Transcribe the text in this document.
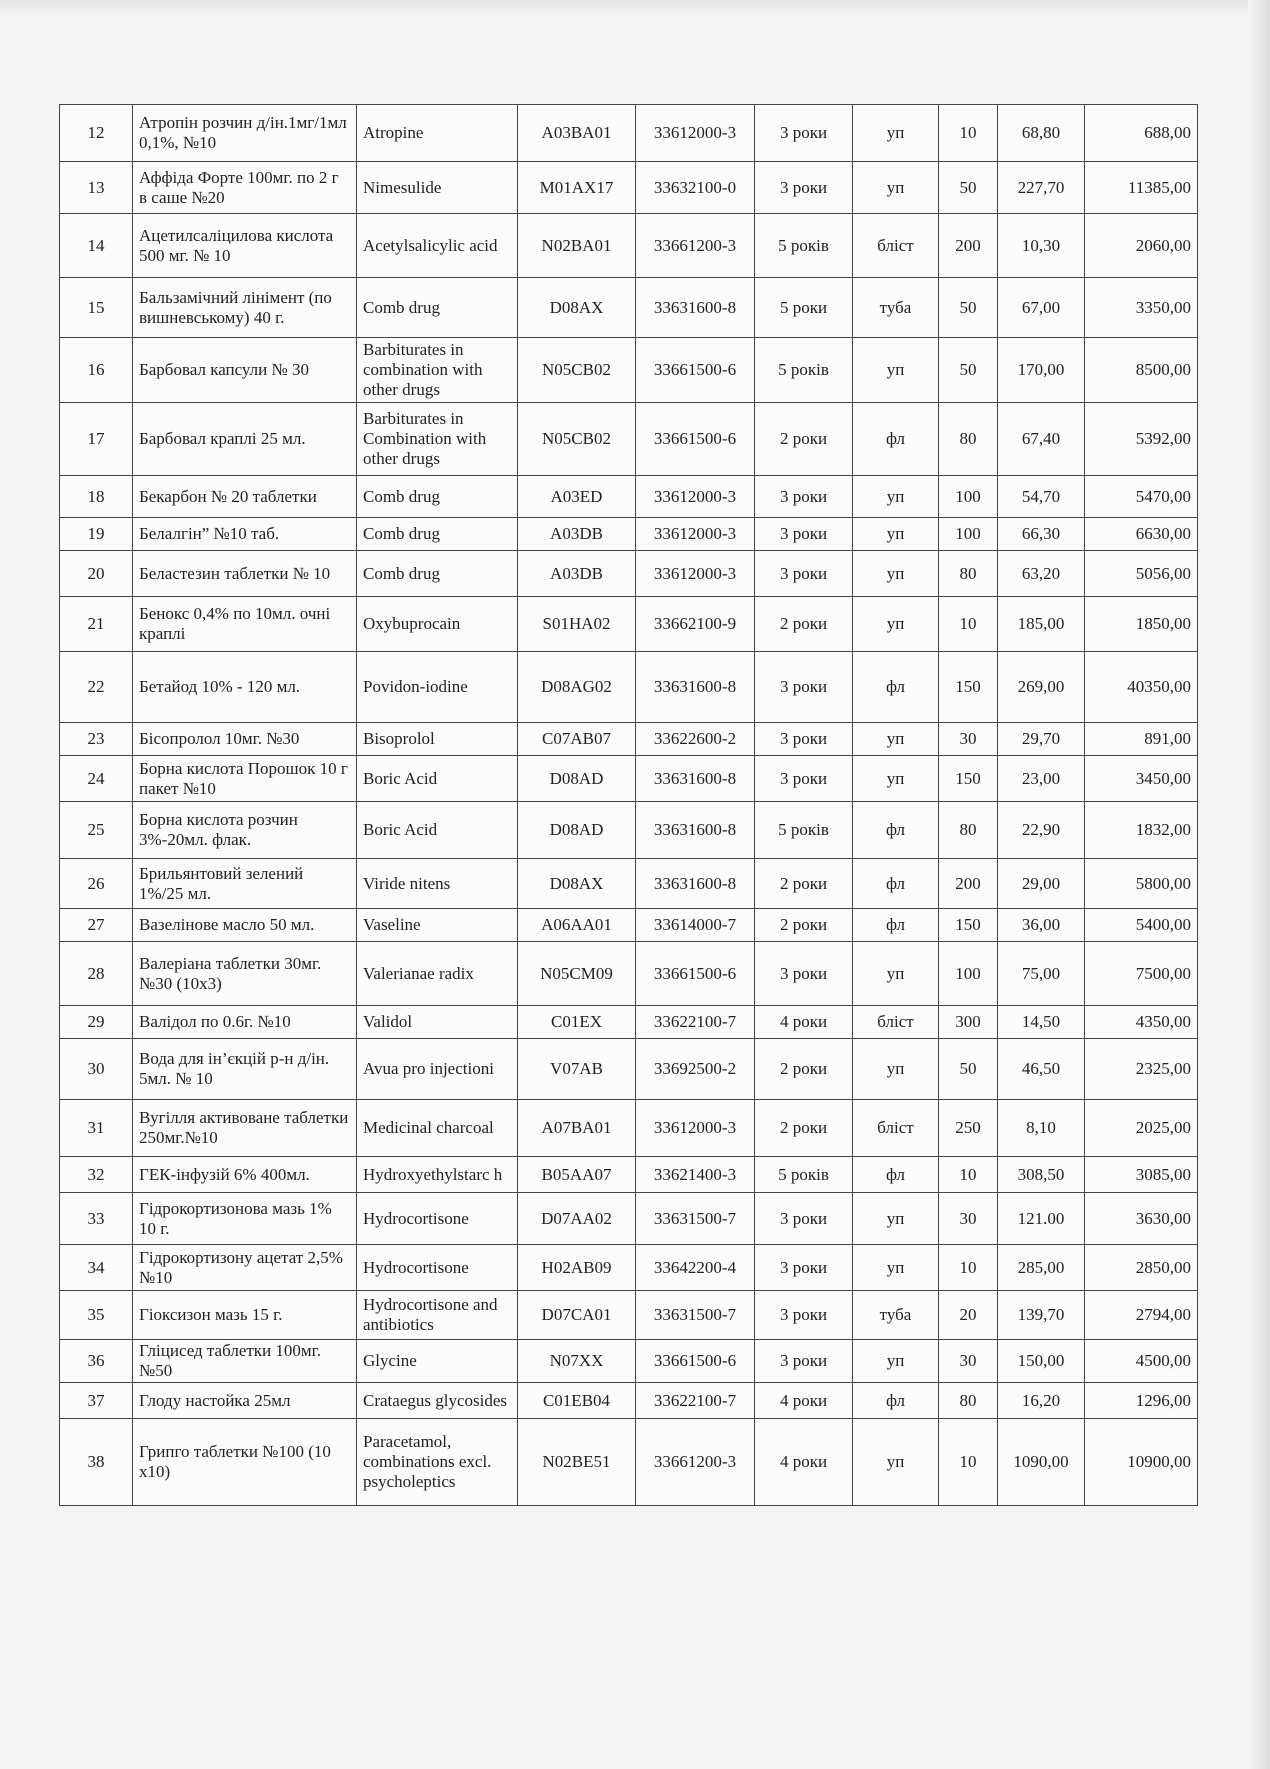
12	Атропін розчин д/ін.1мг/1мл 0,1%, №10	Atropine	A03BA01	33612000-3	3 роки	уп	10	68,80	688,00
13	Аффіда Форте 100мг. по 2 г в саше №20	Nimesulide	M01AX17	33632100-0	3 роки	уп	50	227,70	11385,00
14	Ацетилсаліцилова кислота 500 мг. № 10	Acetylsalicylic acid	N02BA01	33661200-3	5 років	бліст	200	10,30	2060,00
15	Бальзамічний лінімент (по вишневському) 40 г.	Comb drug	D08AX	33631600-8	5 роки	туба	50	67,00	3350,00
16	Барбовал капсули № 30	Barbiturates in combination with other drugs	N05CB02	33661500-6	5 років	уп	50	170,00	8500,00
17	Барбовал краплі 25 мл.	Barbiturates in Combination with other drugs	N05CB02	33661500-6	2 роки	фл	80	67,40	5392,00
18	Бекарбон № 20 таблетки	Comb drug	A03ED	33612000-3	3 роки	уп	100	54,70	5470,00
19	Белалгін” №10 таб.	Comb drug	A03DB	33612000-3	3 роки	уп	100	66,30	6630,00
20	Беластезин таблетки № 10	Comb drug	A03DB	33612000-3	3 роки	уп	80	63,20	5056,00
21	Бенокс 0,4% по 10мл. очні краплі	Oxybuprocain	S01HA02	33662100-9	2 роки	уп	10	185,00	1850,00
22	Бетайод 10% - 120 мл.	Povidon-iodine	D08AG02	33631600-8	3 роки	фл	150	269,00	40350,00
23	Бісопролол 10мг. №30	Bisoprolol	C07AB07	33622600-2	3 роки	уп	30	29,70	891,00
24	Борна кислота Порошок 10 г пакет №10	Boric Acid	D08AD	33631600-8	3 роки	уп	150	23,00	3450,00
25	Борна кислота розчин 3%-20мл. флак.	Boric Acid	D08AD	33631600-8	5 років	фл	80	22,90	1832,00
26	Брильянтовий зелений 1%/25 мл.	Viride nitens	D08AX	33631600-8	2 роки	фл	200	29,00	5800,00
27	Вазелінове масло 50 мл.	Vaseline	A06AA01	33614000-7	2 роки	фл	150	36,00	5400,00
28	Валеріана таблетки 30мг. №30 (10x3)	Valerianae radix	N05CM09	33661500-6	3 роки	уп	100	75,00	7500,00
29	Валідол по 0.6г. №10	Validol	C01EX	33622100-7	4 роки	бліст	300	14,50	4350,00
30	Вода для ін’єкцій р-н д/ін. 5мл. № 10	Avua pro injectioni	V07AB	33692500-2	2 роки	уп	50	46,50	2325,00
31	Вугілля активоване таблетки 250мг.№10	Medicinal charcoal	A07BA01	33612000-3	2 роки	бліст	250	8,10	2025,00
32	ГЕК-інфузій 6% 400мл.	Hydroxyethylstarc h	B05AA07	33621400-3	5 років	фл	10	308,50	3085,00
33	Гідрокортизонова мазь 1% 10 г.	Hydrocortisone	D07AA02	33631500-7	3 роки	уп	30	121.00	3630,00
34	Гідрокортизону ацетат 2,5% №10	Hydrocortisone	H02AB09	33642200-4	3 роки	уп	10	285,00	2850,00
35	Гіоксизон мазь 15 г.	Hydrocortisone and antibiotics	D07CA01	33631500-7	3 роки	туба	20	139,70	2794,00
36	Гліцисед таблетки 100мг.№50	Glycine	N07XX	33661500-6	3 роки	уп	30	150,00	4500,00
37	Глоду настойка 25мл	Crataegus glycosides	C01EB04	33622100-7	4 роки	фл	80	16,20	1296,00
38	Грипго таблетки №100 (10 x10)	Paracetamol, combinations excl. psycholeptics	N02BE51	33661200-3	4 роки	уп	10	1090,00	10900,00
